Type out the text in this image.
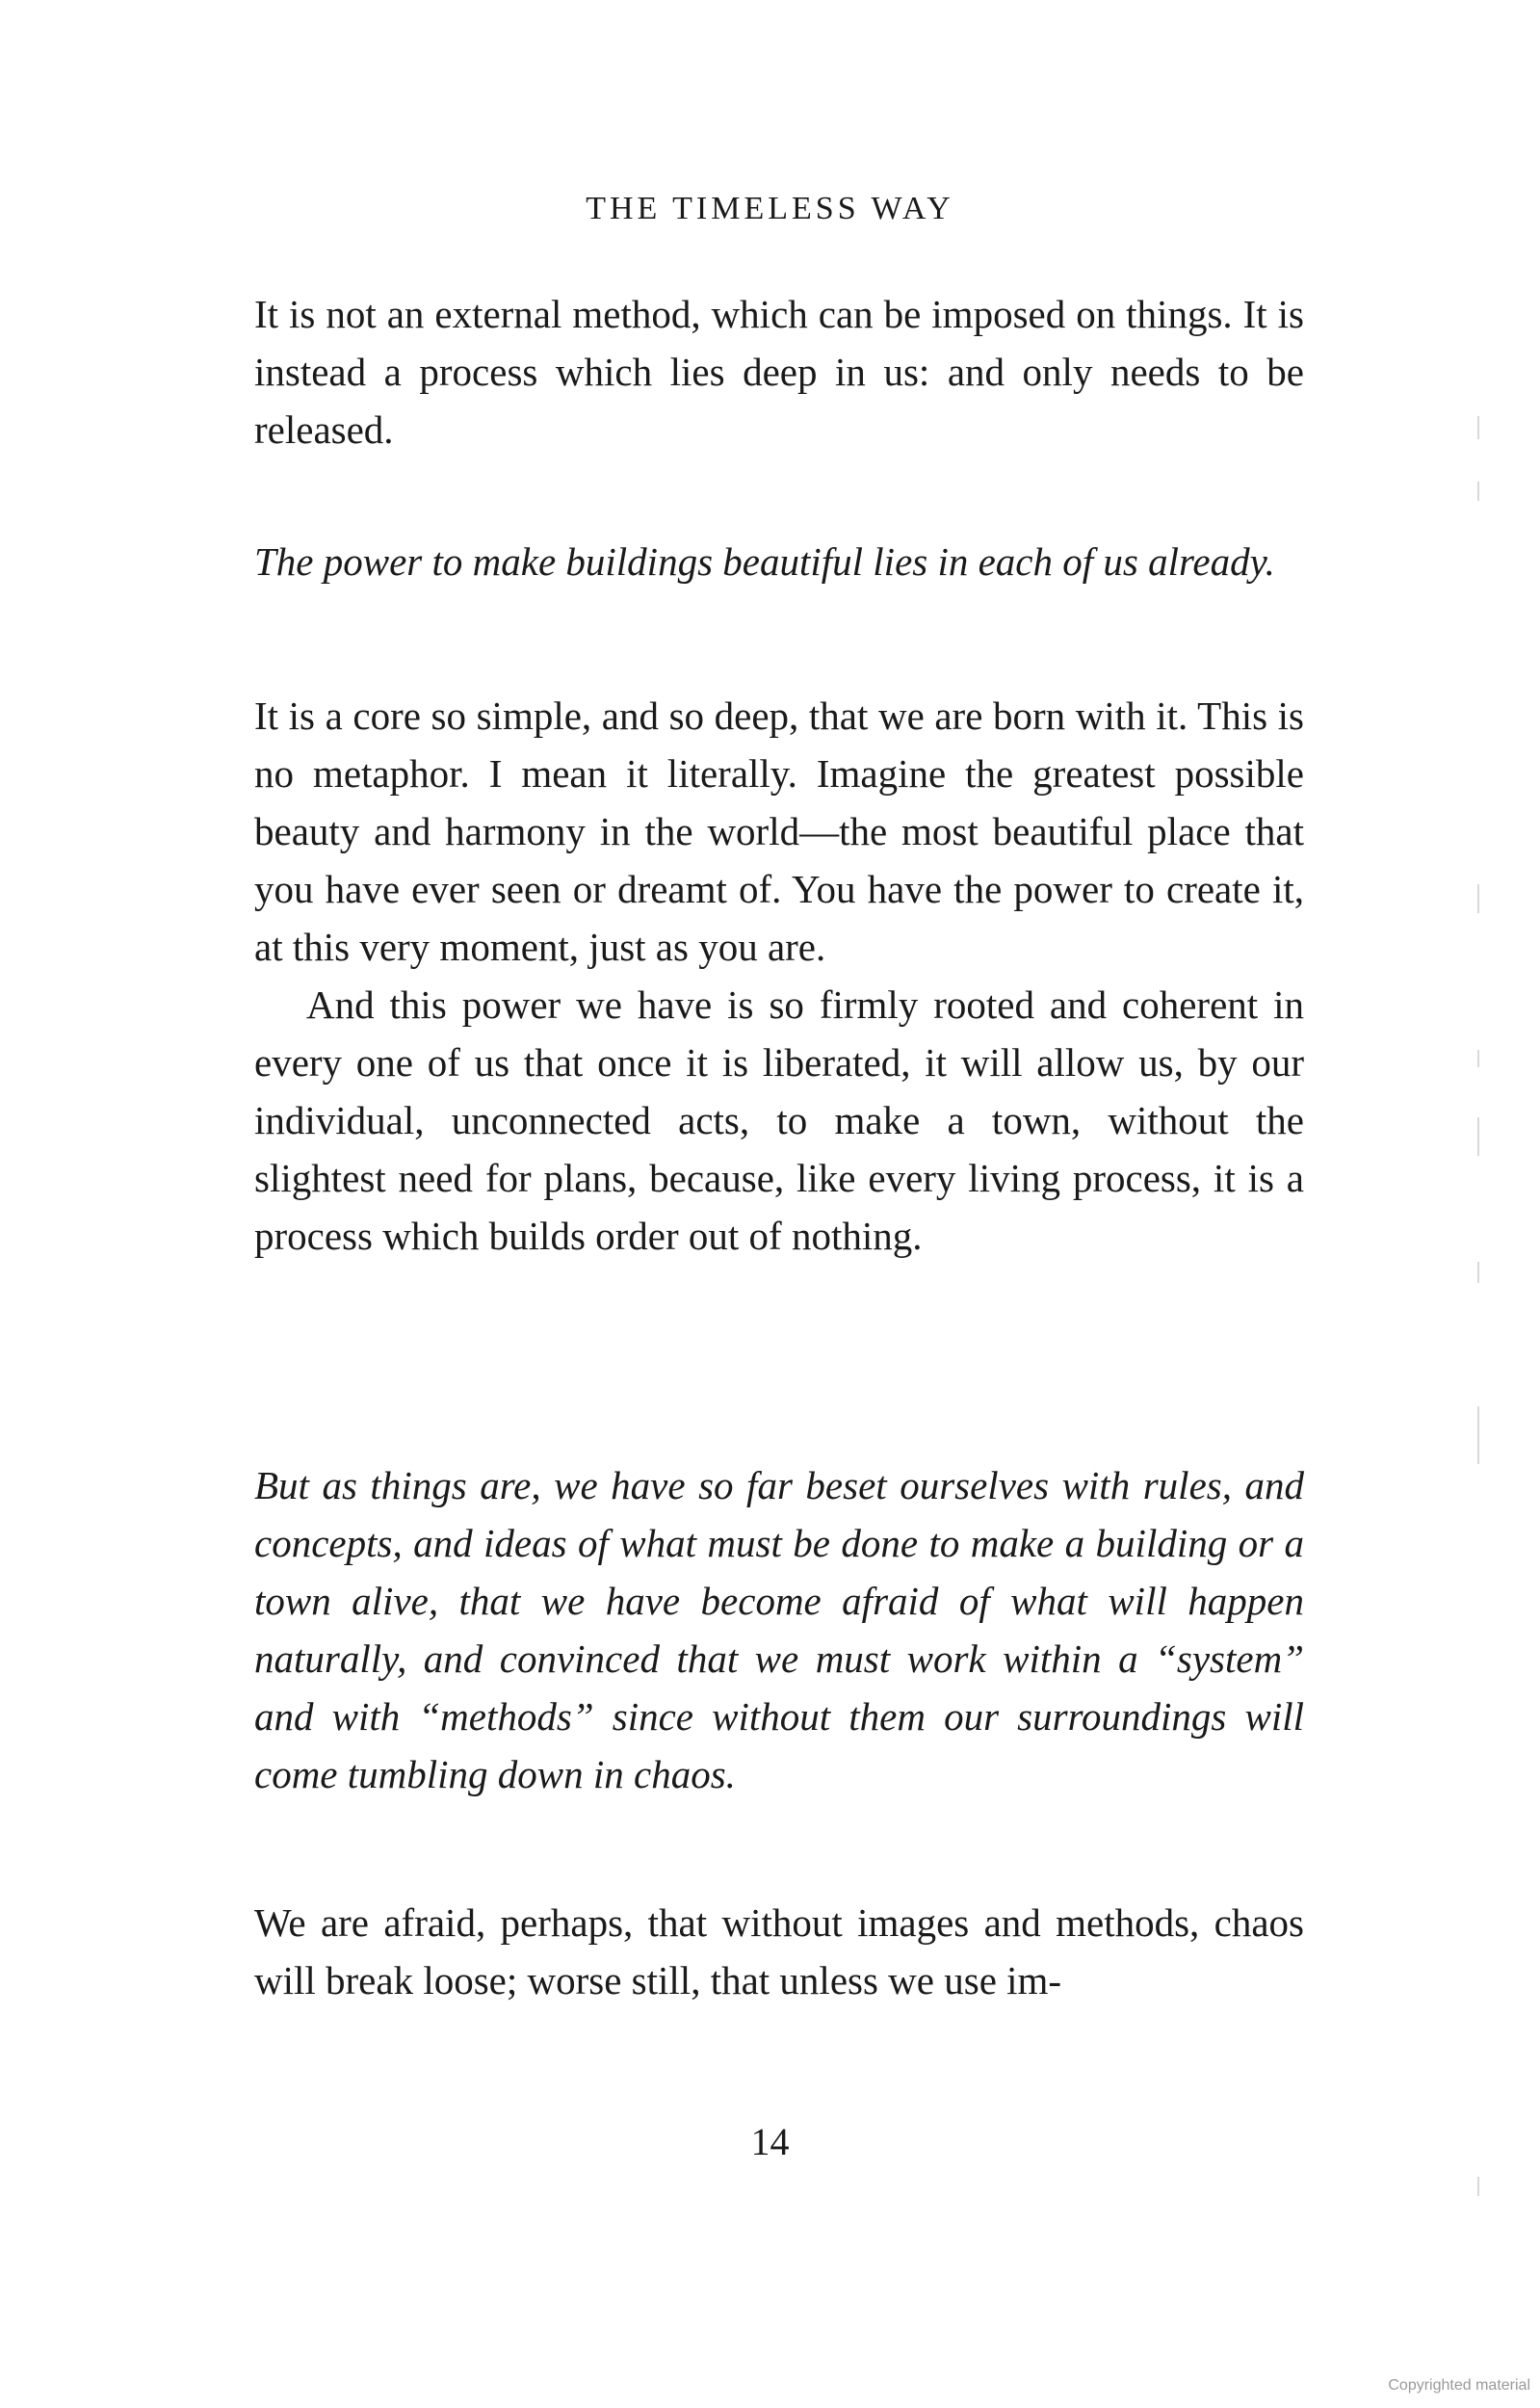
THE TIMELESS WAY

It is not an external method, which can be imposed on things. It is instead a process which lies deep in us: and only needs to be released.

The power to make buildings beautiful lies in each of us already.

It is a core so simple, and so deep, that we are born with it. This is no metaphor. I mean it literally. Imagine the greatest possible beauty and harmony in the world—the most beautiful place that you have ever seen or dreamt of. You have the power to create it, at this very moment, just as you are.

And this power we have is so firmly rooted and coherent in every one of us that once it is liberated, it will allow us, by our individual, unconnected acts, to make a town, without the slightest need for plans, because, like every living process, it is a process which builds order out of nothing.

But as things are, we have so far beset ourselves with rules, and concepts, and ideas of what must be done to make a building or a town alive, that we have become afraid of what will happen naturally, and convinced that we must work within a “system” and with “methods” since without them our surroundings will come tumbling down in chaos.

We are afraid, perhaps, that without images and methods, chaos will break loose; worse still, that unless we use im-

14
Copyrighted material
